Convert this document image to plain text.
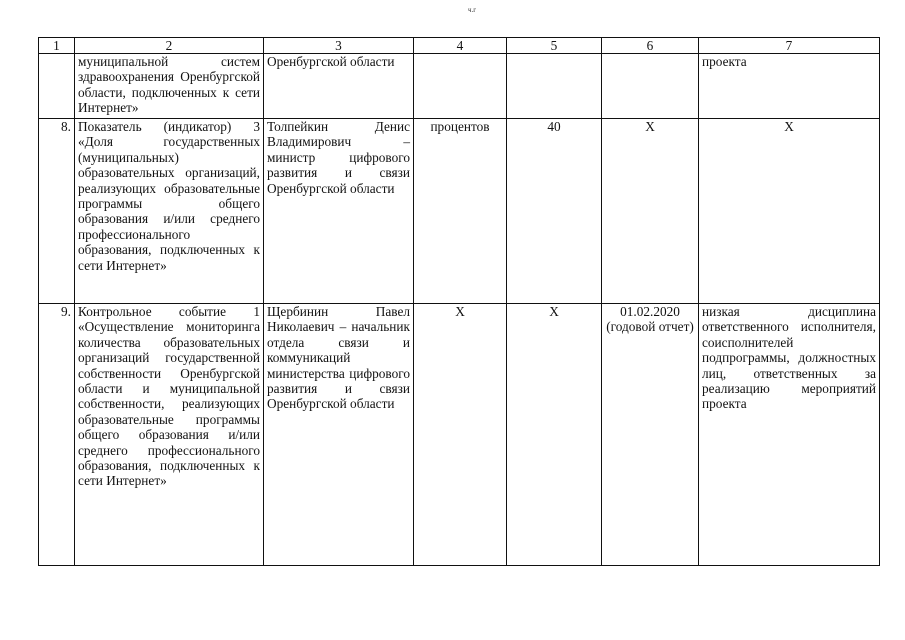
ч.г
1	2	3	4	5	6	7
	муниципальной систем здравоохранения Оренбургской области, подключенных к сети Интернет»	Оренбургской области				проекта
8.	Показатель (индикатор) 3 «Доля государственных (муниципальных) образовательных организаций, реализующих образовательные программы общего образования и/или среднего профессионального образования, подключенных к сети Интернет»	Толпейкин Денис Владимирович – министр цифрового развития и связи Оренбургской области	процентов	40	Х	Х
9.	Контрольное событие 1 «Осуществление мониторинга количества образовательных организаций государственной собственности Оренбургской области и муниципальной собственности, реализующих образовательные программы общего образования и/или среднего профессионального образования, подключенных к сети Интернет»	Щербинин Павел Николаевич – начальник отдела связи и коммуникаций министерства цифрового развития и связи Оренбургской области	Х	Х	01.02.2020 (годовой отчет)	низкая дисциплина ответственного исполнителя, соисполнителей подпрограммы, должностных лиц, ответственных за реализацию мероприятий проекта
